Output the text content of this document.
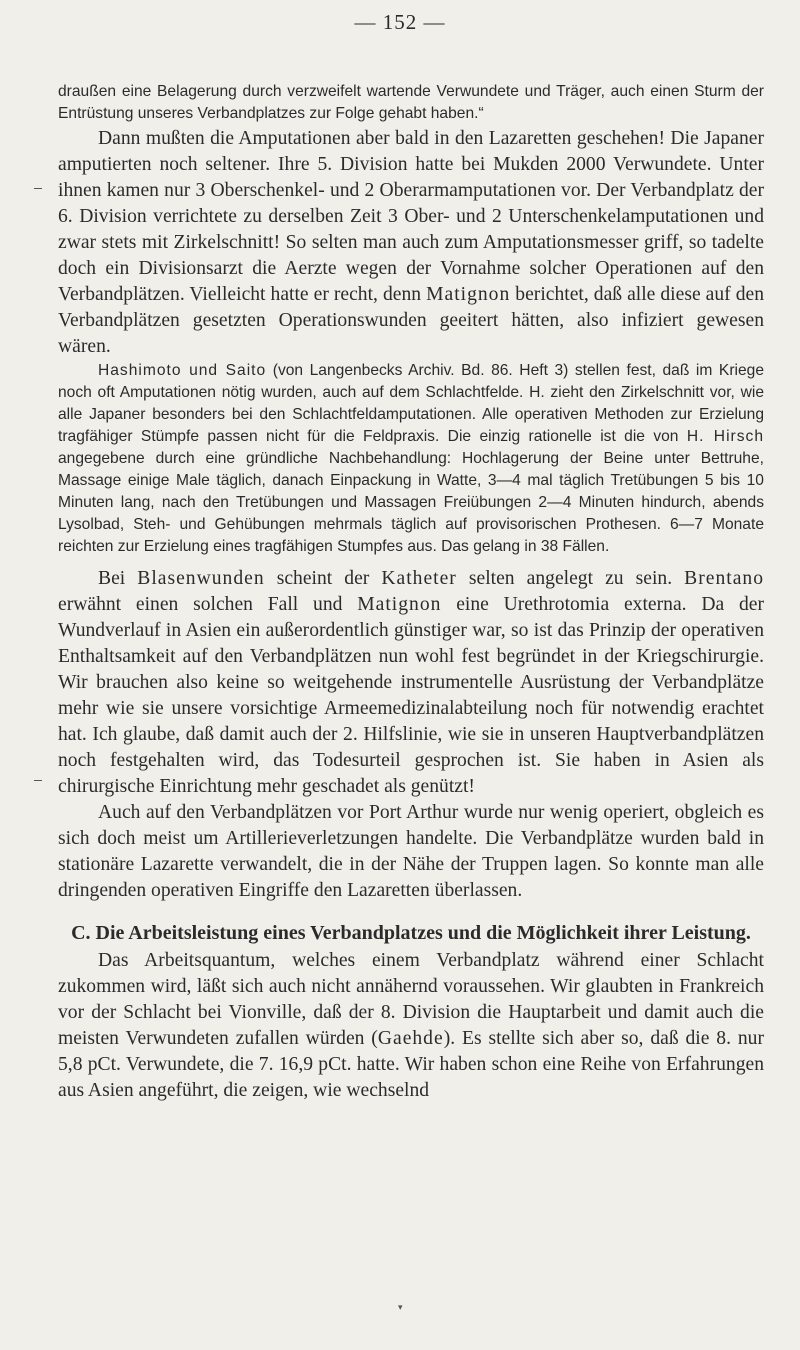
— 152 —

draußen eine Belagerung durch verzweifelt wartende Verwundete und Träger, auch einen Sturm der Entrüstung unseres Verbandplatzes zur Folge gehabt haben.“

Dann mußten die Amputationen aber bald in den Lazaretten geschehen! Die Japaner amputierten noch seltener. Ihre 5. Division hatte bei Mukden 2000 Verwundete. Unter ihnen kamen nur 3 Oberschenkel- und 2 Oberarmamputationen vor. Der Verbandplatz der 6. Division verrichtete zu derselben Zeit 3 Ober- und 2 Unterschenkelamputationen und zwar stets mit Zirkelschnitt! So selten man auch zum Amputationsmesser griff, so tadelte doch ein Divisionsarzt die Aerzte wegen der Vornahme solcher Operationen auf den Verbandplätzen. Vielleicht hatte er recht, denn Matignon berichtet, daß alle diese auf den Verbandplätzen gesetzten Operationswunden geeitert hätten, also infiziert gewesen wären.

Hashimoto und Saito (von Langenbecks Archiv. Bd. 86. Heft 3) stellen fest, daß im Kriege noch oft Amputationen nötig wurden, auch auf dem Schlachtfelde. H. zieht den Zirkelschnitt vor, wie alle Japaner besonders bei den Schlachtfeldamputationen. Alle operativen Methoden zur Erzielung tragfähiger Stümpfe passen nicht für die Feldpraxis. Die einzig rationelle ist die von H. Hirsch angegebene durch eine gründliche Nachbehandlung: Hochlagerung der Beine unter Bettruhe, Massage einige Male täglich, danach Einpackung in Watte, 3—4 mal täglich Tretübungen 5 bis 10 Minuten lang, nach den Tretübungen und Massagen Freiübungen 2—4 Minuten hindurch, abends Lysolbad, Steh- und Gehübungen mehrmals täglich auf provisorischen Prothesen. 6—7 Monate reichten zur Erzielung eines tragfähigen Stumpfes aus. Das gelang in 38 Fällen.

Bei Blasenwunden scheint der Katheter selten angelegt zu sein. Brentano erwähnt einen solchen Fall und Matignon eine Urethrotomia externa. Da der Wundverlauf in Asien ein außerordentlich günstiger war, so ist das Prinzip der operativen Enthaltsamkeit auf den Verbandplätzen nun wohl fest begründet in der Kriegschirurgie. Wir brauchen also keine so weitgehende instrumentelle Ausrüstung der Verbandplätze mehr wie sie unsere vorsichtige Armeemedizinalabteilung noch für notwendig erachtet hat. Ich glaube, daß damit auch der 2. Hilfslinie, wie sie in unseren Hauptverbandplätzen noch festgehalten wird, das Todesurteil gesprochen ist. Sie haben in Asien als chirurgische Einrichtung mehr geschadet als genützt!

Auch auf den Verbandplätzen vor Port Arthur wurde nur wenig operiert, obgleich es sich doch meist um Artillerieverletzungen handelte. Die Verbandplätze wurden bald in stationäre Lazarette verwandelt, die in der Nähe der Truppen lagen. So konnte man alle dringenden operativen Eingriffe den Lazaretten überlassen.

C. Die Arbeitsleistung eines Verbandplatzes und die Möglichkeit ihrer Leistung.

Das Arbeitsquantum, welches einem Verbandplatz während einer Schlacht zukommen wird, läßt sich auch nicht annähernd voraussehen. Wir glaubten in Frankreich vor der Schlacht bei Vionville, daß der 8. Division die Hauptarbeit und damit auch die meisten Verwundeten zufallen würden (Gaehde). Es stellte sich aber so, daß die 8. nur 5,8 pCt. Verwundete, die 7. 16,9 pCt. hatte. Wir haben schon eine Reihe von Erfahrungen aus Asien angeführt, die zeigen, wie wechselnd

▾
